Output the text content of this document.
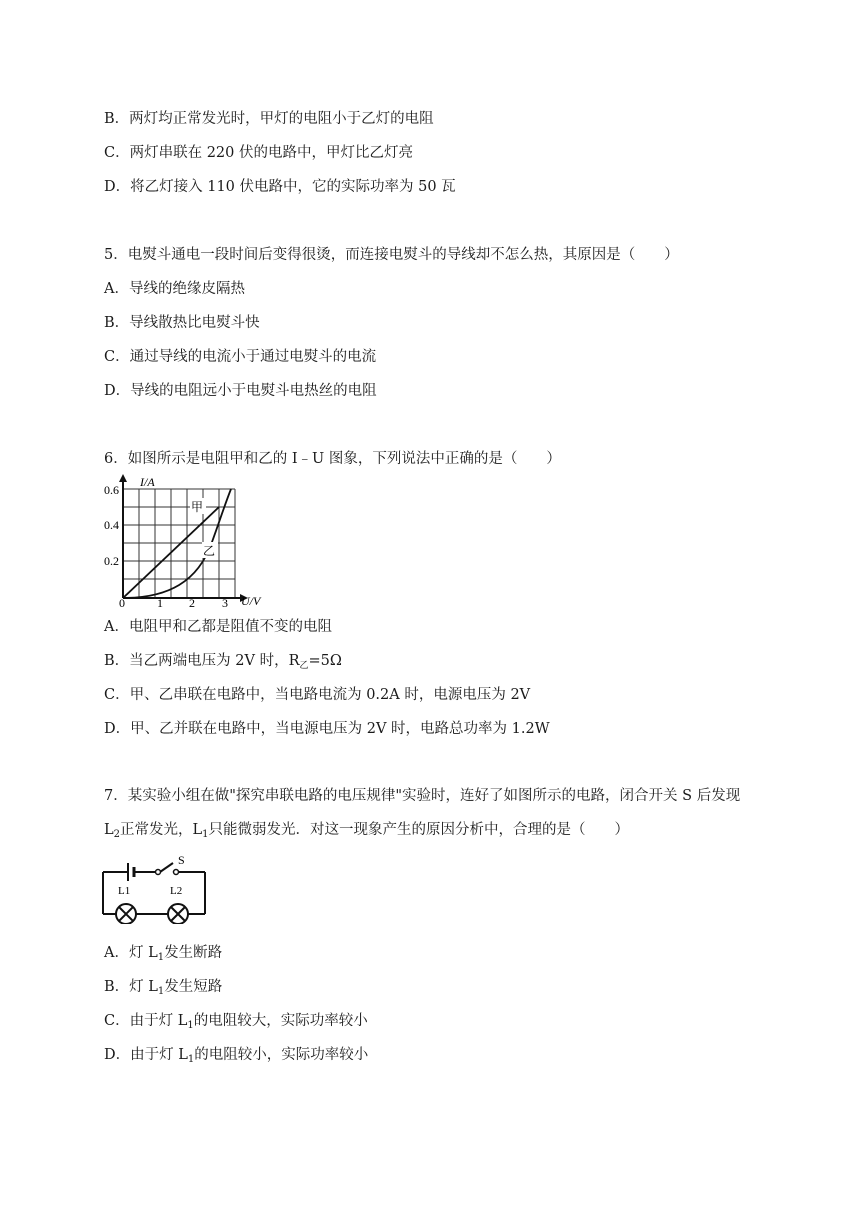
B．两灯均正常发光时，甲灯的电阻小于乙灯的电阻
C．两灯串联在 220 伏的电路中，甲灯比乙灯亮
D．将乙灯接入 110 伏电路中，它的实际功率为 50 瓦
5．电熨斗通电一段时间后变得很烫，而连接电熨斗的导线却不怎么热，其原因是（　　）
A．导线的绝缘皮隔热
B．导线散热比电熨斗快
C．通过导线的电流小于通过电熨斗的电流
D．导线的电阻远小于电熨斗电热丝的电阻
6．如图所示是电阻甲和乙的 I﹣U 图象，下列说法中正确的是（　　）
I/A
U/V
0.6
0.4
0.2
0	1 2 3
甲
乙
A．电阻甲和乙都是阻值不变的电阻
B．当乙两端电压为 2V 时，$R_乙=5\Omega$
C．甲、乙串联在电路中，当电路电流为 0.2A 时，电源电压为 2V
D．甲、乙并联在电路中，当电源电压为 2V 时，电路总功率为 1.2W
7．某实验小组在做"探究串联电路的电压规律"实验时，连好了如图所示的电路，闭合开关 S 后发现
$L_2$正常发光，$L_1$只能微弱发光．对这一现象产生的原因分析中，合理的是（　　）
S
L1	L2
A．灯 $L_1$发生断路
B．灯 $L_1$发生短路
C．由于灯 $L_1$的电阻较大，实际功率较小
D．由于灯 $L_1$的电阻较小，实际功率较小
